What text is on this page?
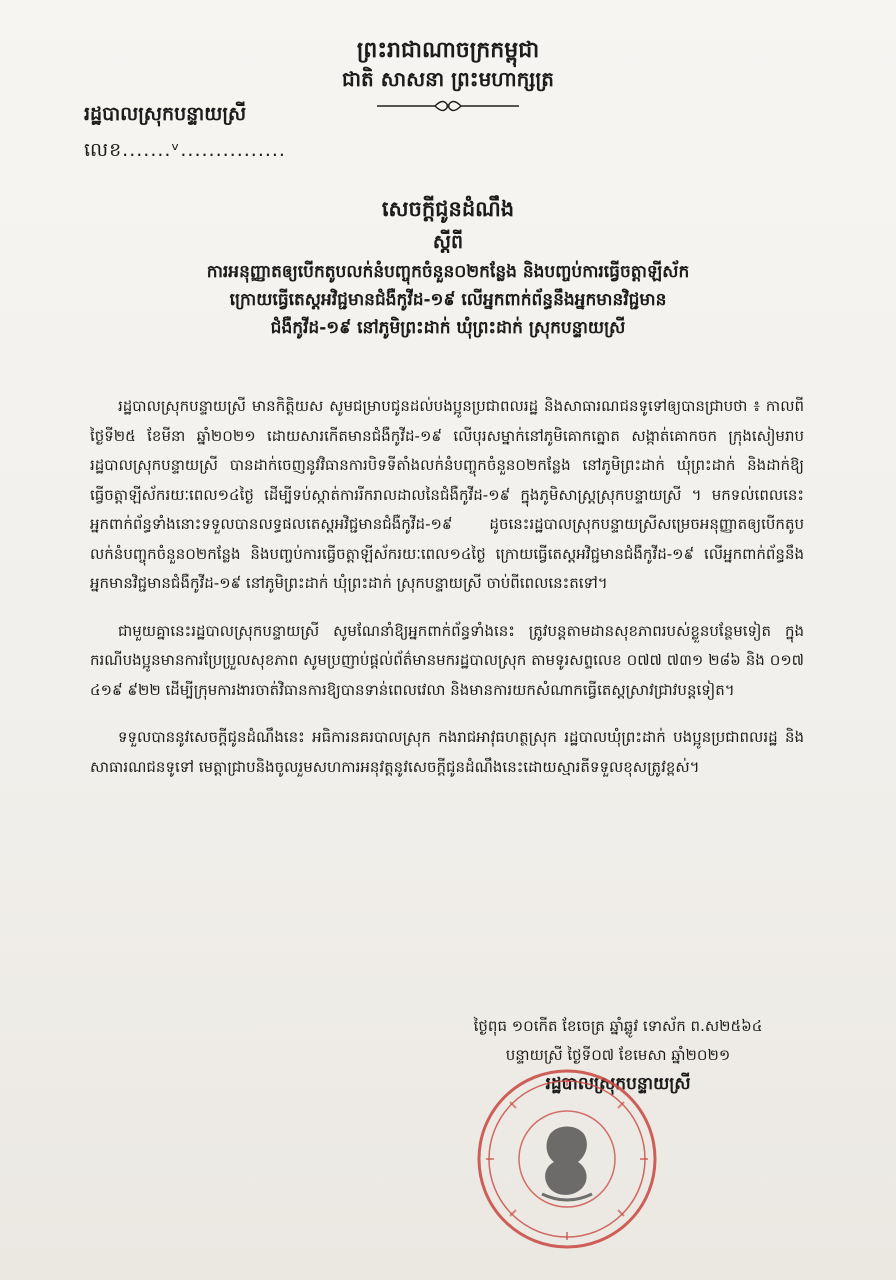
ព្រះរាជាណាចក្រកម្ពុជា
ជាតិ សាសនា ព្រះមហាក្សត្រ
រដ្ឋបាលស្រុកបន្ទាយស្រី
លេខ.......ᵛ...............
សេចក្តីជូនដំណឹង
ស្តីពី
ការអនុញ្ញាតឲ្យបើកតូបលក់នំបញ្ចុកចំនួន០២កន្លែង និងបញ្ចប់ការធ្វើចត្តាឡីស័ក
ក្រោយធ្វើតេស្តអវិជ្ជមានជំងឺកូវីដ-១៩ លើអ្នកពាក់ព័ន្ធនឹងអ្នកមានវិជ្ជមាន
ជំងឺកូវីដ-១៩ នៅភូមិព្រះដាក់ ឃុំព្រះដាក់ ស្រុកបន្ទាយស្រី

រដ្ឋបាលស្រុកបន្ទាយស្រី មានកិត្តិយស សូមជម្រាបជូនដល់បងប្អូនប្រជាពលរដ្ឋ និងសាធារណជនទូទៅឲ្យបានជ្រាបថា ៖ កាលពីថ្ងៃទី២៥ ខែមីនា ឆ្នាំ២០២១ ដោយសារកើតមានជំងឺកូវីដ-១៩ លើបុរសម្នាក់នៅភូមិគោកត្នោត សង្កាត់គោកចក ក្រុងសៀមរាប រដ្ឋបាលស្រុកបន្ទាយស្រី បានដាក់ចេញនូវវិធានការបិទទីតាំងលក់នំបញ្ចុកចំនួន០២កន្លែង នៅភូមិព្រះដាក់ ឃុំព្រះដាក់ និងដាក់ឱ្យធ្វើចត្តាឡីស័ករយៈពេល១៤ថ្ងៃ ដើម្បីទប់ស្កាត់ការរីករាលដាលនៃជំងឺកូវីដ-១៩ ក្នុងភូមិសាស្ត្រស្រុកបន្ទាយស្រី ។ មកទល់ពេលនេះ អ្នកពាក់ព័ន្ធទាំងនោះទទួលបានលទ្ធផលតេស្តអវិជ្ជមានជំងឺកូវីដ-១៩ ដូចនេះរដ្ឋបាលស្រុកបន្ទាយស្រីសម្រេចអនុញ្ញាតឲ្យបើកតូបលក់នំបញ្ចុកចំនួន០២កន្លែង និងបញ្ចប់ការធ្វើចត្តាឡីស័ករយៈពេល១៤ថ្ងៃ ក្រោយធ្វើតេស្តអវិជ្ជមានជំងឺកូវីដ-១៩ លើអ្នកពាក់ព័ន្ធនឹងអ្នកមានវិជ្ជមានជំងឺកូវីដ-១៩ នៅភូមិព្រះដាក់ ឃុំព្រះដាក់ ស្រុកបន្ទាយស្រី ចាប់ពីពេលនេះតទៅ។

ជាមួយគ្នានេះរដ្ឋបាលស្រុកបន្ទាយស្រី សូមណែនាំឱ្យអ្នកពាក់ព័ន្ធទាំងនេះ ត្រូវបន្តតាមដានសុខភាពរបស់ខ្លួនបន្ថែមទៀត ក្នុងករណីបងប្អូនមានការប្រែប្រួលសុខភាព សូមប្រញាប់ផ្តល់ព័ត៌មានមករដ្ឋបាលស្រុក តាមទូរសព្ទលេខ ០៧៧ ៧៣១ ២៨៦ និង ០១៧ ៤១៩ ៩២២ ដើម្បីក្រុមការងារចាត់វិធានការឱ្យបានទាន់ពេលវេលា និងមានការយកសំណាកធ្វើតេស្តស្រាវជ្រាវបន្តទៀត។

ទទួលបាននូវសេចក្តីជូនដំណឹងនេះ អធិការនគរបាលស្រុក កងរាជអាវុធហត្ថស្រុក រដ្ឋបាលឃុំព្រះដាក់ បងប្អូនប្រជាពលរដ្ឋ និងសាធារណជនទូទៅ មេត្តាជ្រាបនិងចូលរួមសហការអនុវត្តនូវសេចក្តីជូនដំណឹងនេះដោយស្មារតីទទួលខុសត្រូវខ្ពស់។

ថ្ងៃពុធ ១០កើត ខែចេត្រ ឆ្នាំឆ្លូវ ទោស័ក ព.ស២៥៦៤
បន្ទាយស្រី ថ្ងៃទី០៧ ខែមេសា ឆ្នាំ២០២១
រដ្ឋបាលស្រុកបន្ទាយស្រី
